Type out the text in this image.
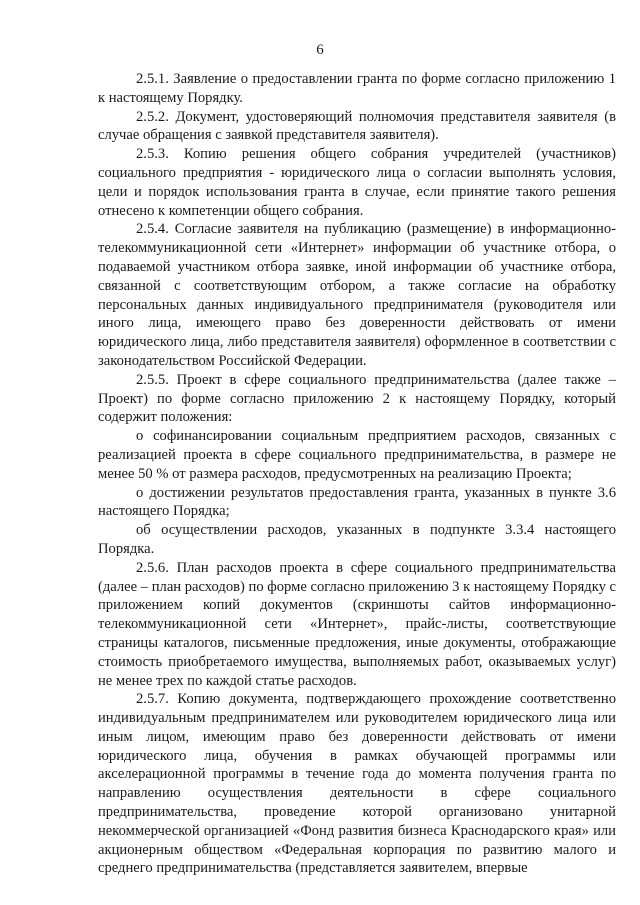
6

2.5.1. Заявление о предоставлении гранта по форме согласно приложению 1 к настоящему Порядку.

2.5.2. Документ, удостоверяющий полномочия представителя заявителя (в случае обращения с заявкой представителя заявителя).

2.5.3. Копию решения общего собрания учредителей (участников) социального предприятия - юридического лица о согласии выполнять условия, цели и порядок использования гранта в случае, если принятие такого решения отнесено к компетенции общего собрания.

2.5.4. Согласие заявителя на публикацию (размещение) в информационно-телекоммуникационной сети «Интернет» информации об участнике отбора, о подаваемой участником отбора заявке, иной информации об участнике отбора, связанной с соответствующим отбором, а также согласие на обработку персональных данных индивидуального предпринимателя (руководителя или иного лица, имеющего право без доверенности действовать от имени юридического лица, либо представителя заявителя) оформленное в соответствии с законодательством Российской Федерации.

2.5.5. Проект в сфере социального предпринимательства (далее также – Проект) по форме согласно приложению 2 к настоящему Порядку, который содержит положения:

о софинансировании социальным предприятием расходов, связанных с реализацией проекта в сфере социального предпринимательства, в размере не менее 50 % от размера расходов, предусмотренных на реализацию Проекта;

о достижении результатов предоставления гранта, указанных в пункте 3.6 настоящего Порядка;

об осуществлении расходов, указанных в подпункте 3.3.4 настоящего Порядка.

2.5.6. План расходов проекта в сфере социального предпринимательства (далее – план расходов) по форме согласно приложению 3 к настоящему Порядку с приложением копий документов (скриншоты сайтов информационно-телекоммуникационной сети «Интернет», прайс-листы, соответствующие страницы каталогов, письменные предложения, иные документы, отображающие стоимость приобретаемого имущества, выполняемых работ, оказываемых услуг) не менее трех по каждой статье расходов.

2.5.7. Копию документа, подтверждающего прохождение соответственно индивидуальным предпринимателем или руководителем юридического лица или иным лицом, имеющим право без доверенности действовать от имени юридического лица, обучения в рамках обучающей программы или акселерационной программы в течение года до момента получения гранта по направлению осуществления деятельности в сфере социального предпринимательства, проведение которой организовано унитарной некоммерческой организацией «Фонд развития бизнеса Краснодарского края» или акционерным обществом «Федеральная корпорация по развитию малого и среднего предпринимательства (представляется заявителем, впервые
